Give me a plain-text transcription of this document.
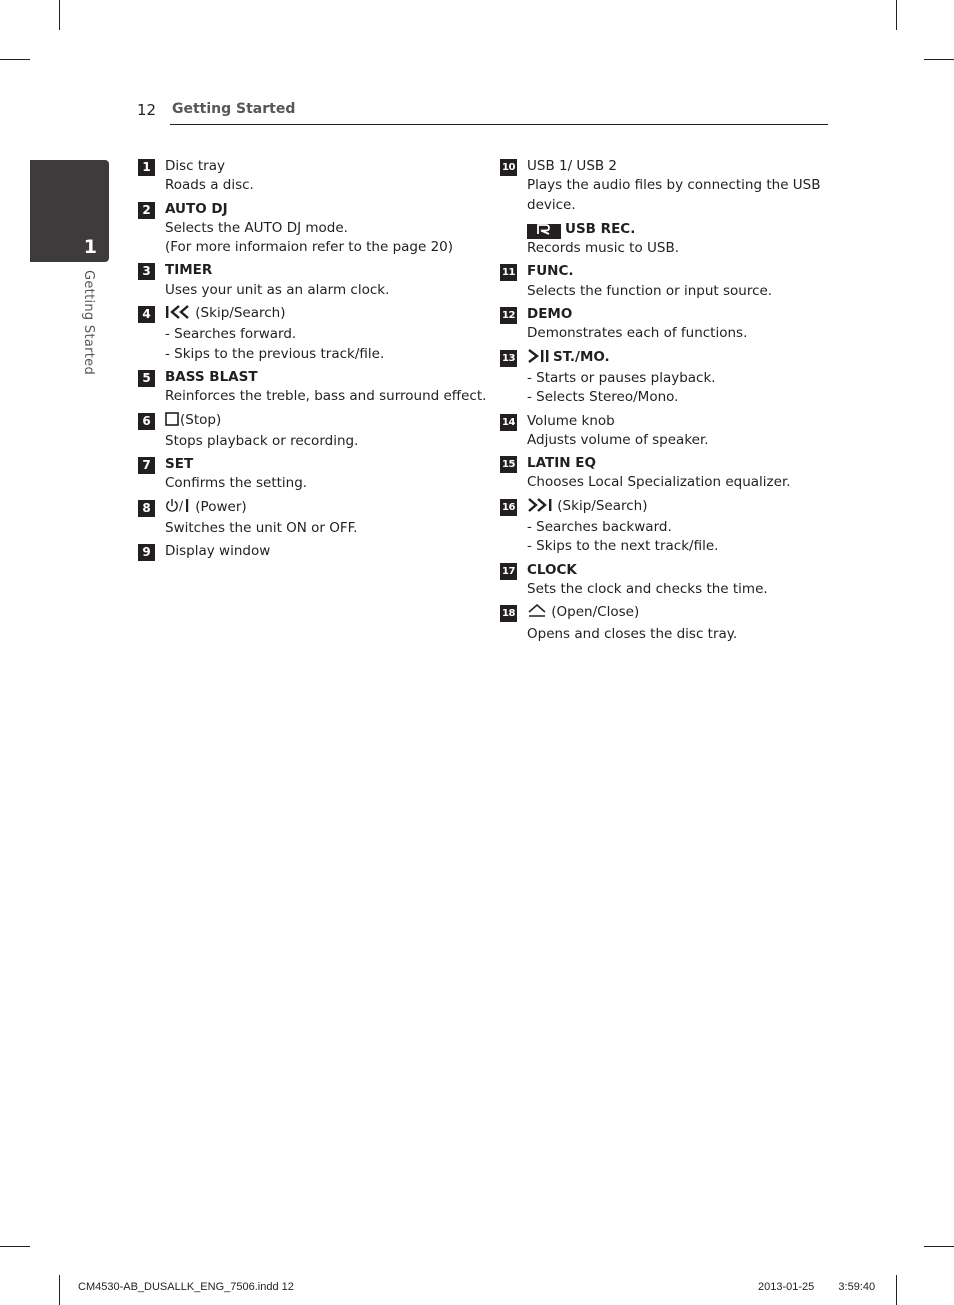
12 Getting Started
1
Getting Started
1	Disc tray
Roads a disc.
2	AUTO DJ
Selects the AUTO DJ mode.
(For more informaion refer to the page 20)
3	TIMER
Uses your unit as an alarm clock.
4	(Skip/Search)
- Searches forward.
- Skips to the previous track/file.
5	BASS BLAST
Reinforces the treble, bass and surround effect.
6	(Stop)
Stops playback or recording.
7	SET
Confirms the setting.
8	/ (Power)
Switches the unit ON or OFF.
9	Display window
10 USB 1/ USB 2
Plays the audio files by connecting the USB
device.
USB REC.
Records music to USB.
11 FUNC.
Selects the function or input source.
12 DEMO
Demonstrates each of functions.
13	ST./MO.
- Starts or pauses playback.
- Selects Stereo/Mono.
14 Volume knob
Adjusts volume of speaker.
15 LATIN EQ
Chooses Local Specialization equalizer.
16	(Skip/Search)
- Searches backward.
- Skips to the next track/file.
17 CLOCK
Sets the clock and checks the time.
18	(Open/Close)
Opens and closes the disc tray.
CM4530-AB_DUSALLK_ENG_7506.indd 12	2013-01-25 3:59:40
